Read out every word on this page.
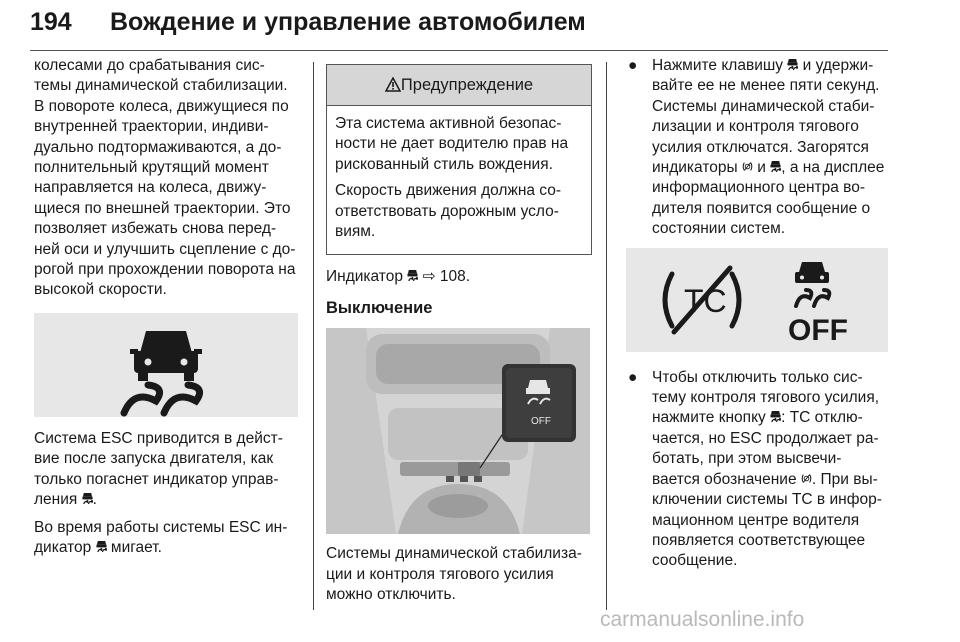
194 Вождение и управление автомобилем

колесами до срабатывания сис-темы динамической стабилизации. В повороте колеса, движущиеся по внутренней траектории, индиви-дуально подтормаживаются, а до-полнительный крутящий момент направляется на колеса, движу-щиеся по внешней траектории. Это позволяет избежать снова перед-ней оси и улучшить сцепление с до-рогой при прохождении поворота на высокой скорости.

Система ESC приводится в дейст-вие после запуска двигателя, как только погаснет индикатор управ-ления .

Во время работы системы ESC ин-дикатор мигает.

Предупреждение

Эта система активной безопас-ности не дает водителю прав на рискованный стиль вождения.

Скорость движения должна со-ответствовать дорожным усло-виям.

Индикатор ⇨ 108.

Выключение
OFF

Системы динамической стабилиза-ции и контроля тягового усилия можно отключить.

● Нажмите клавишу и удержи-вайте ее не менее пяти секунд. Системы динамической стаби-лизации и контроля тягового усилия отключатся. Загорятся индикаторы и , а на дисплее информационного центра во-дителя появится сообщение о состоянии систем.
TC
OFF
● Чтобы отключить только сис-тему контроля тягового усилия, нажмите кнопку : TC отклю-чается, но ESC продолжает ра-ботать, при этом высвечи-вается обозначение . При вы-ключении системы TC в инфор-мационном центре водителя появляется соответствующее сообщение.
carmanualsonline.info
